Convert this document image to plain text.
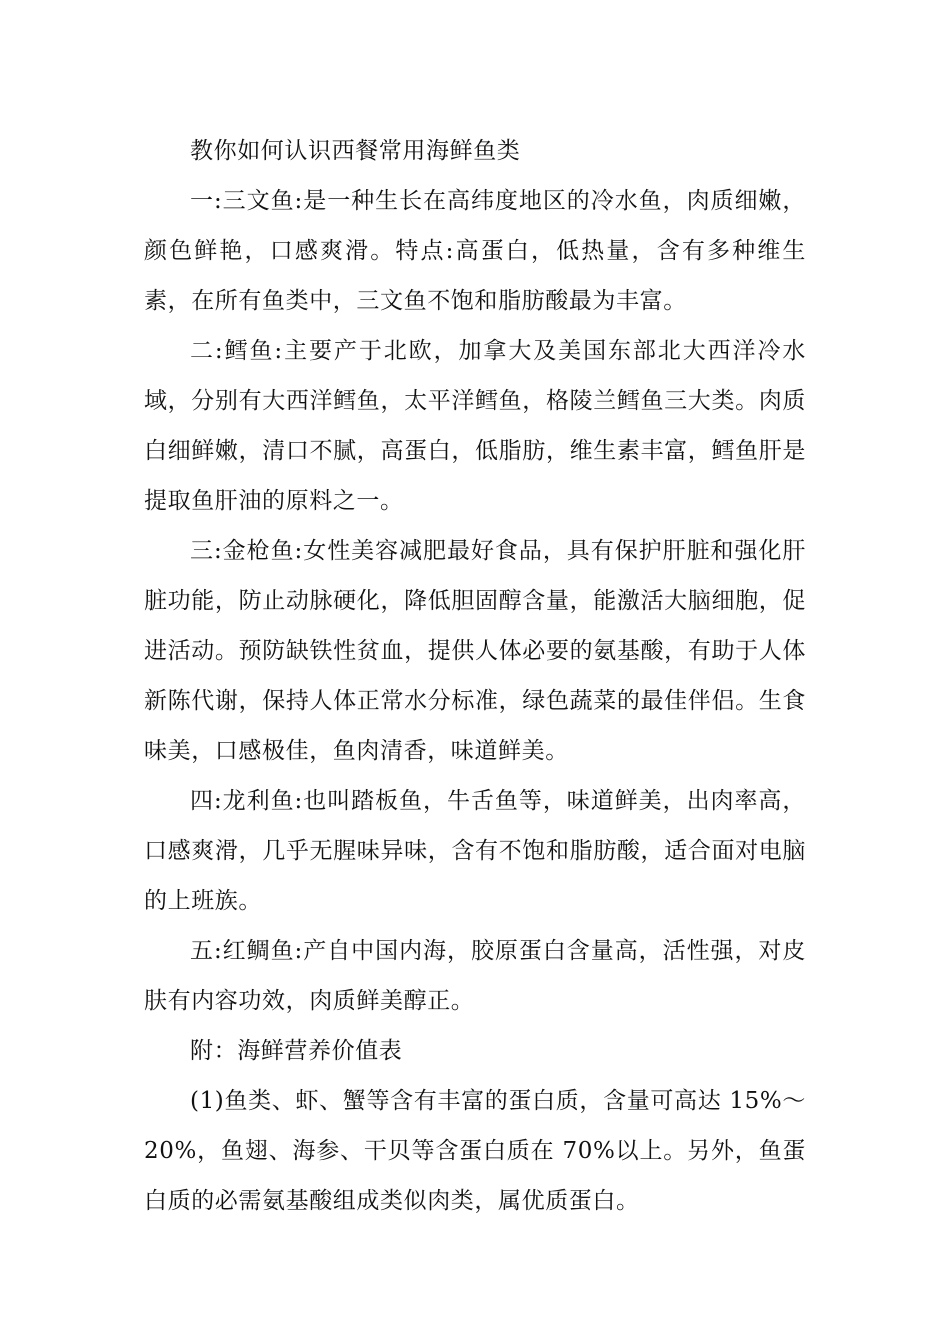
教你如何认识西餐常用海鲜鱼类

一:三文鱼:是一种生长在高纬度地区的冷水鱼，肉质细嫩，颜色鲜艳，口感爽滑。特点:高蛋白，低热量，含有多种维生素，在所有鱼类中，三文鱼不饱和脂肪酸最为丰富。

二:鳕鱼:主要产于北欧，加拿大及美国东部北大西洋冷水域，分别有大西洋鳕鱼，太平洋鳕鱼，格陵兰鳕鱼三大类。肉质白细鲜嫩，清口不腻，高蛋白，低脂肪，维生素丰富，鳕鱼肝是提取鱼肝油的原料之一。

三:金枪鱼:女性美容减肥最好食品，具有保护肝脏和强化肝脏功能，防止动脉硬化，降低胆固醇含量，能激活大脑细胞，促进活动。预防缺铁性贫血，提供人体必要的氨基酸，有助于人体新陈代谢，保持人体正常水分标准，绿色蔬菜的最佳伴侣。生食味美，口感极佳，鱼肉清香，味道鲜美。

四:龙利鱼:也叫踏板鱼，牛舌鱼等，味道鲜美，出肉率高，口感爽滑，几乎无腥味异味，含有不饱和脂肪酸，适合面对电脑的上班族。

五:红鲷鱼:产自中国内海，胶原蛋白含量高，活性强，对皮肤有内容功效，肉质鲜美醇正。

附：海鲜营养价值表

(1)鱼类、虾、蟹等含有丰富的蛋白质，含量可高达 15%～20%，鱼翅、海参、干贝等含蛋白质在 70%以上。另外，鱼蛋白质的必需氨基酸组成类似肉类，属优质蛋白。
